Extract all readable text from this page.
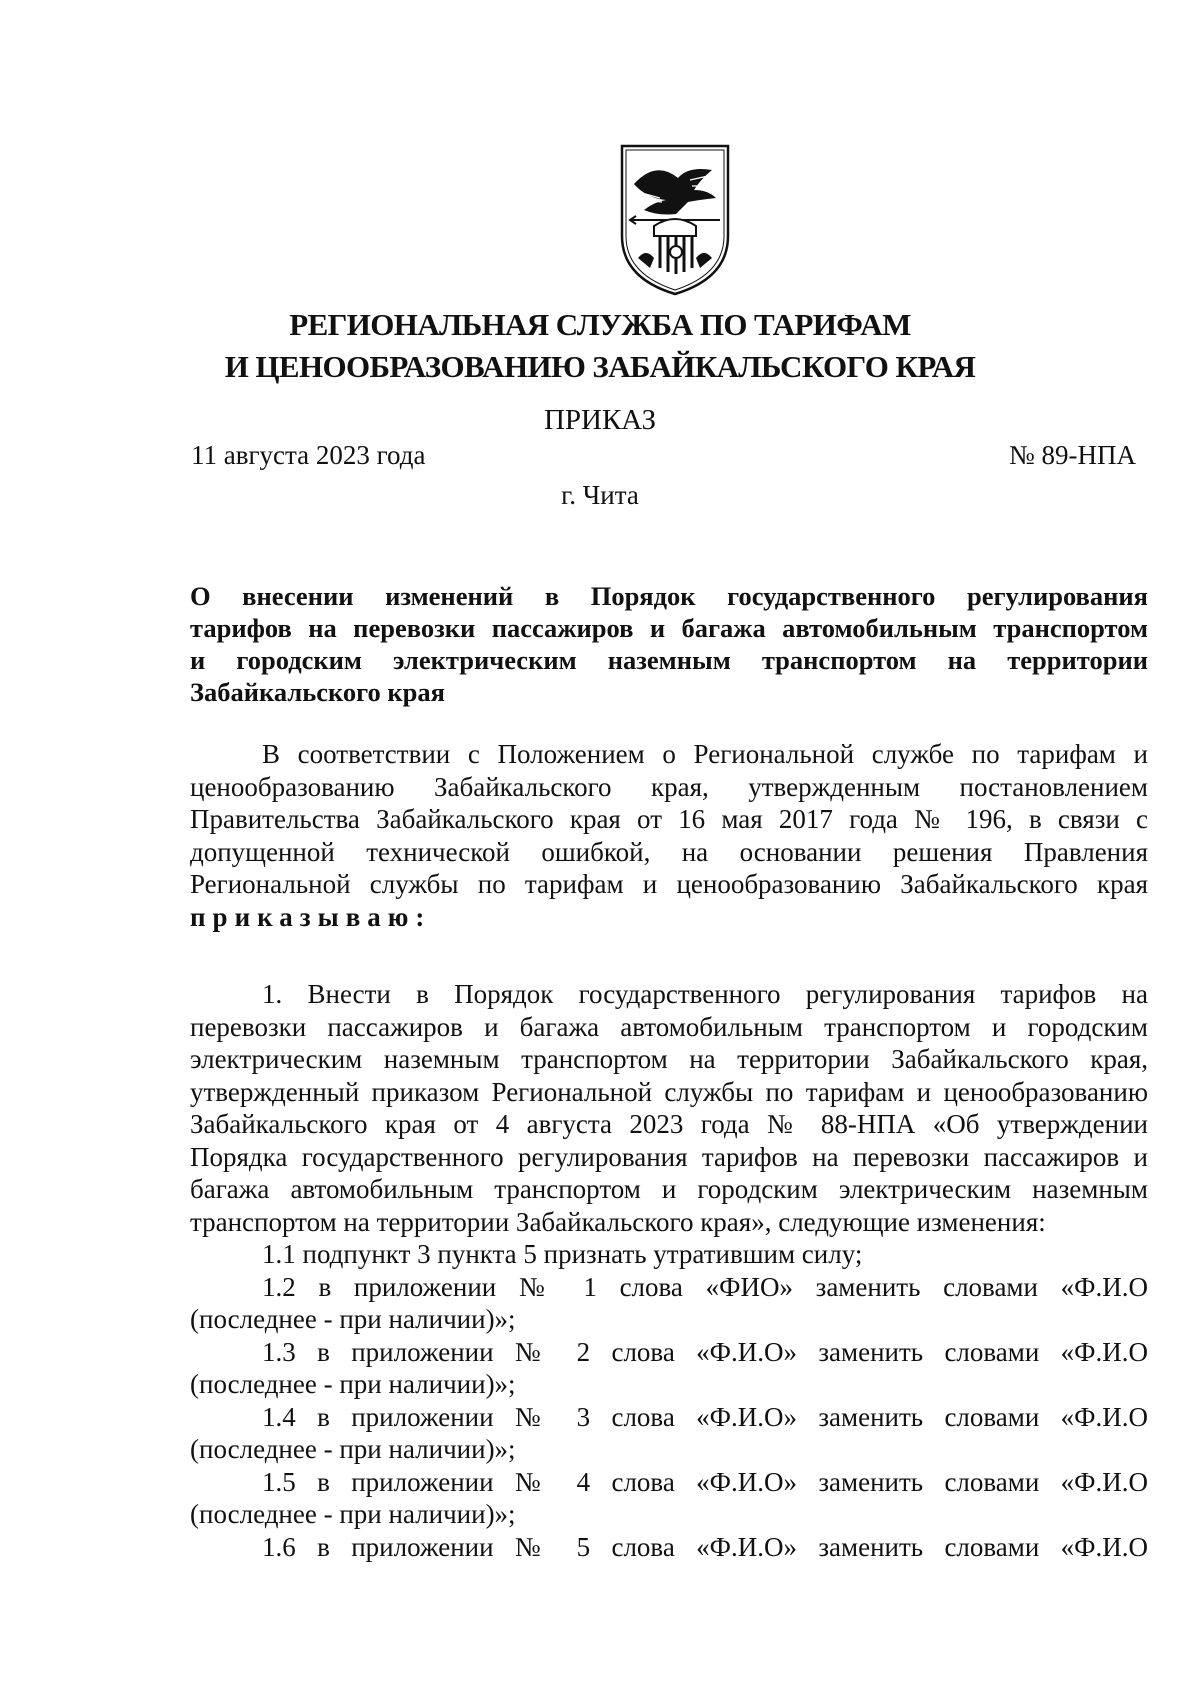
РЕГИОНАЛЬНАЯ СЛУЖБА ПО ТАРИФАМ
И ЦЕНООБРАЗОВАНИЮ ЗАБАЙКАЛЬСКОГО КРАЯ
ПРИКАЗ
11 августа 2023 года	№ 89-НПА
г. Чита
О внесении изменений в Порядок государственного регулирования
тарифов на перевозки пассажиров и багажа автомобильным транспортом
и городским электрическим наземным транспортом на территории
Забайкальского края
В соответствии с Положением о Региональной службе по тарифам и
ценообразованию Забайкальского края, утвержденным постановлением
Правительства Забайкальского края от 16 мая 2017 года № 196, в связи с
допущенной технической ошибкой, на основании решения Правления
Региональной службы по тарифам и ценообразованию Забайкальского края
приказываю:
1. Внести в Порядок государственного регулирования тарифов на
перевозки пассажиров и багажа автомобильным транспортом и городским
электрическим наземным транспортом на территории Забайкальского края,
утвержденный приказом Региональной службы по тарифам и ценообразованию
Забайкальского края от 4 августа 2023 года № 88-НПА «Об утверждении
Порядка государственного регулирования тарифов на перевозки пассажиров и
багажа автомобильным транспортом и городским электрическим наземным
транспортом на территории Забайкальского края», следующие изменения:
1.1 подпункт 3 пункта 5 признать утратившим силу;
1.2 в приложении № 1 слова «ФИО» заменить словами «Ф.И.О
(последнее - при наличии)»;
1.3 в приложении № 2 слова «Ф.И.О» заменить словами «Ф.И.О
(последнее - при наличии)»;
1.4 в приложении № 3 слова «Ф.И.О» заменить словами «Ф.И.О
(последнее - при наличии)»;
1.5 в приложении № 4 слова «Ф.И.О» заменить словами «Ф.И.О
(последнее - при наличии)»;
1.6 в приложении № 5 слова «Ф.И.О» заменить словами «Ф.И.О
